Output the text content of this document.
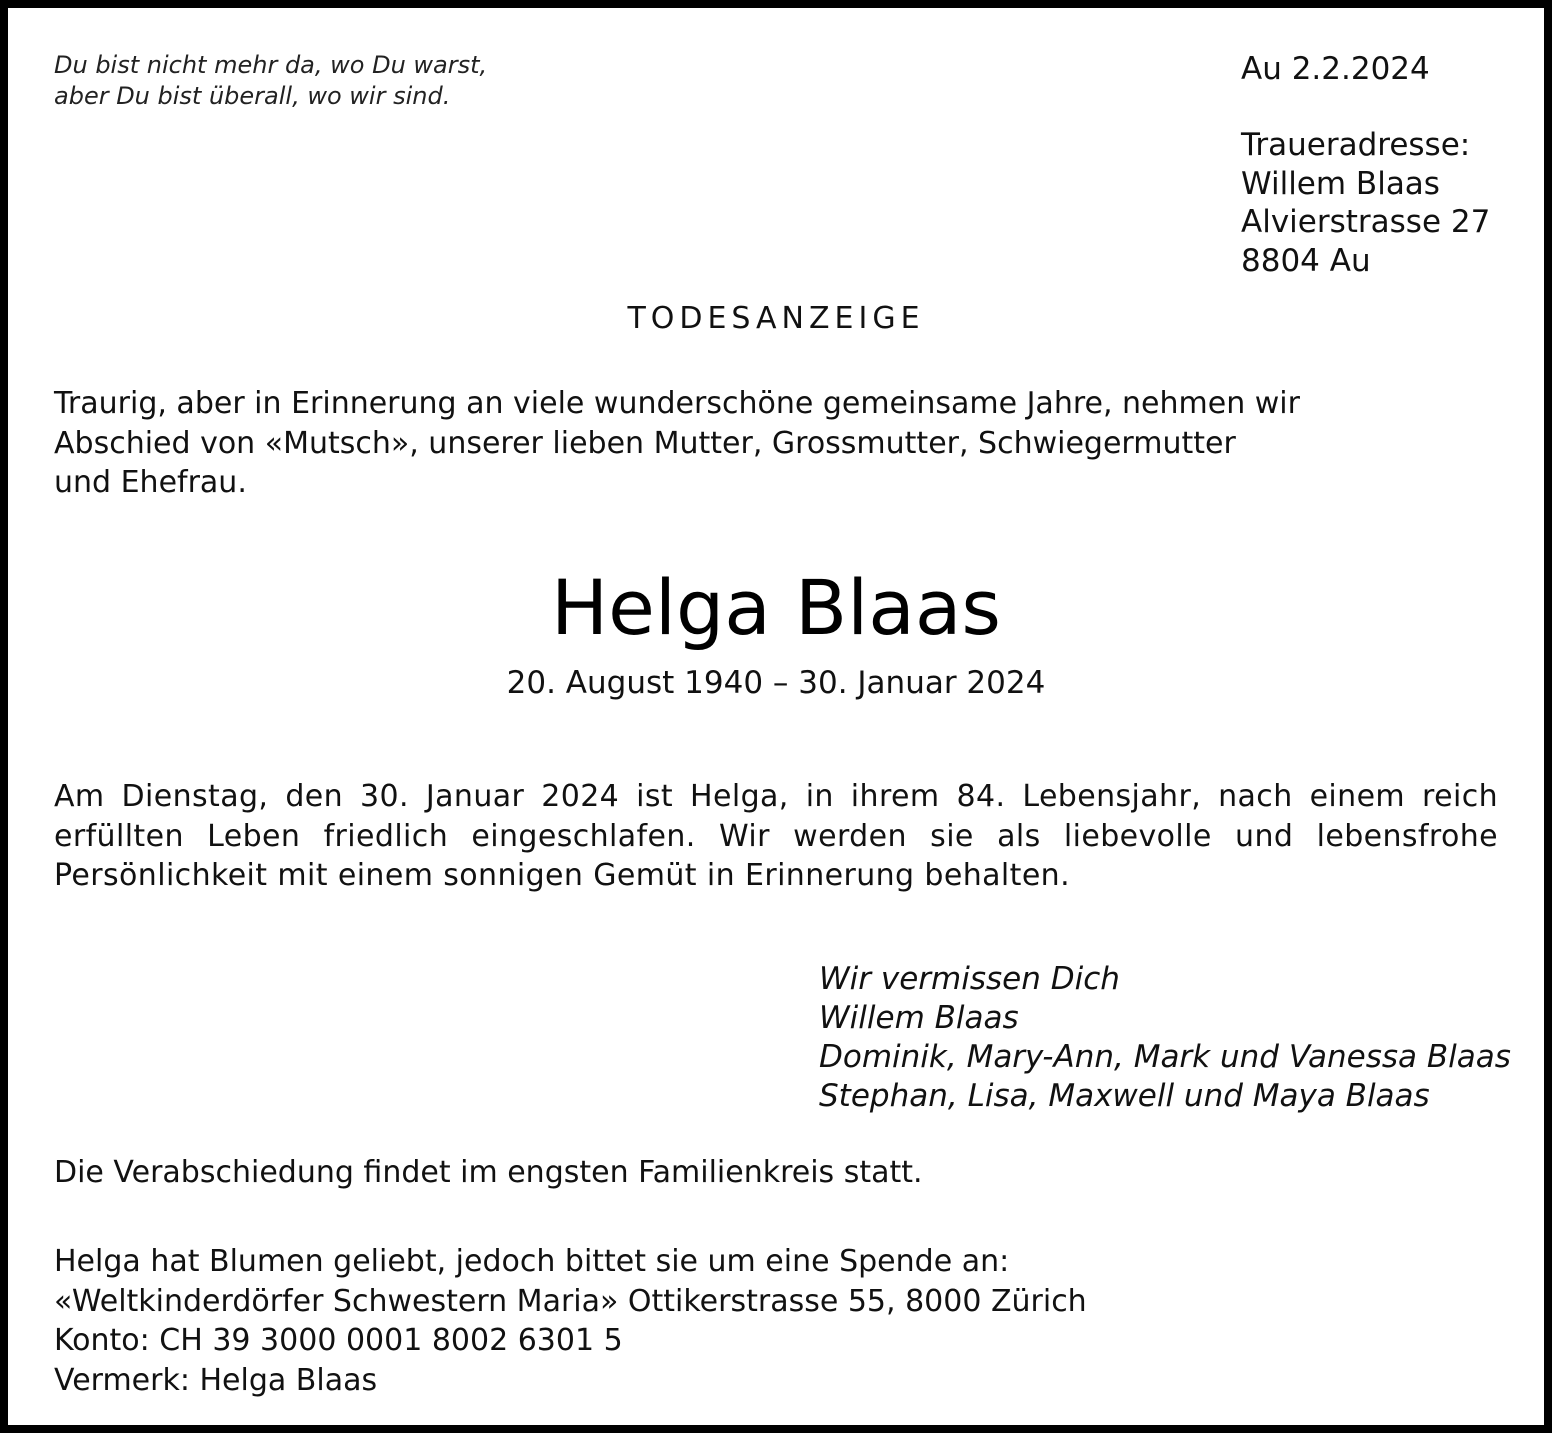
Du bist nicht mehr da, wo Du warst,
aber Du bist überall, wo wir sind.
Au 2.2.2024
Traueradresse:
Willem Blaas
Alvierstrasse 27
8804 Au
TODESANZEIGE
Traurig, aber in Erinnerung an viele wunderschöne gemeinsame Jahre, nehmen wir
Abschied von «Mutsch», unserer lieben Mutter, Grossmutter, Schwiegermutter
und Ehefrau.
Helga Blaas
20. August 1940 – 30. Januar 2024
Am Dienstag, den 30. Januar 2024 ist Helga, in ihrem 84. Lebensjahr, nach einem reich erfüllten Leben friedlich eingeschlafen. Wir werden sie als liebevolle und lebensfrohe Persönlichkeit mit einem sonnigen Gemüt in Erinnerung behalten.
Wir vermissen Dich
Willem Blaas
Dominik, Mary-Ann, Mark und Vanessa Blaas
Stephan, Lisa, Maxwell und Maya Blaas
Die Verabschiedung findet im engsten Familienkreis statt.
Helga hat Blumen geliebt, jedoch bittet sie um eine Spende an:
«Weltkinderdörfer Schwestern Maria» Ottikerstrasse 55, 8000 Zürich
Konto: CH 39 3000 0001 8002 6301 5
Vermerk: Helga Blaas
